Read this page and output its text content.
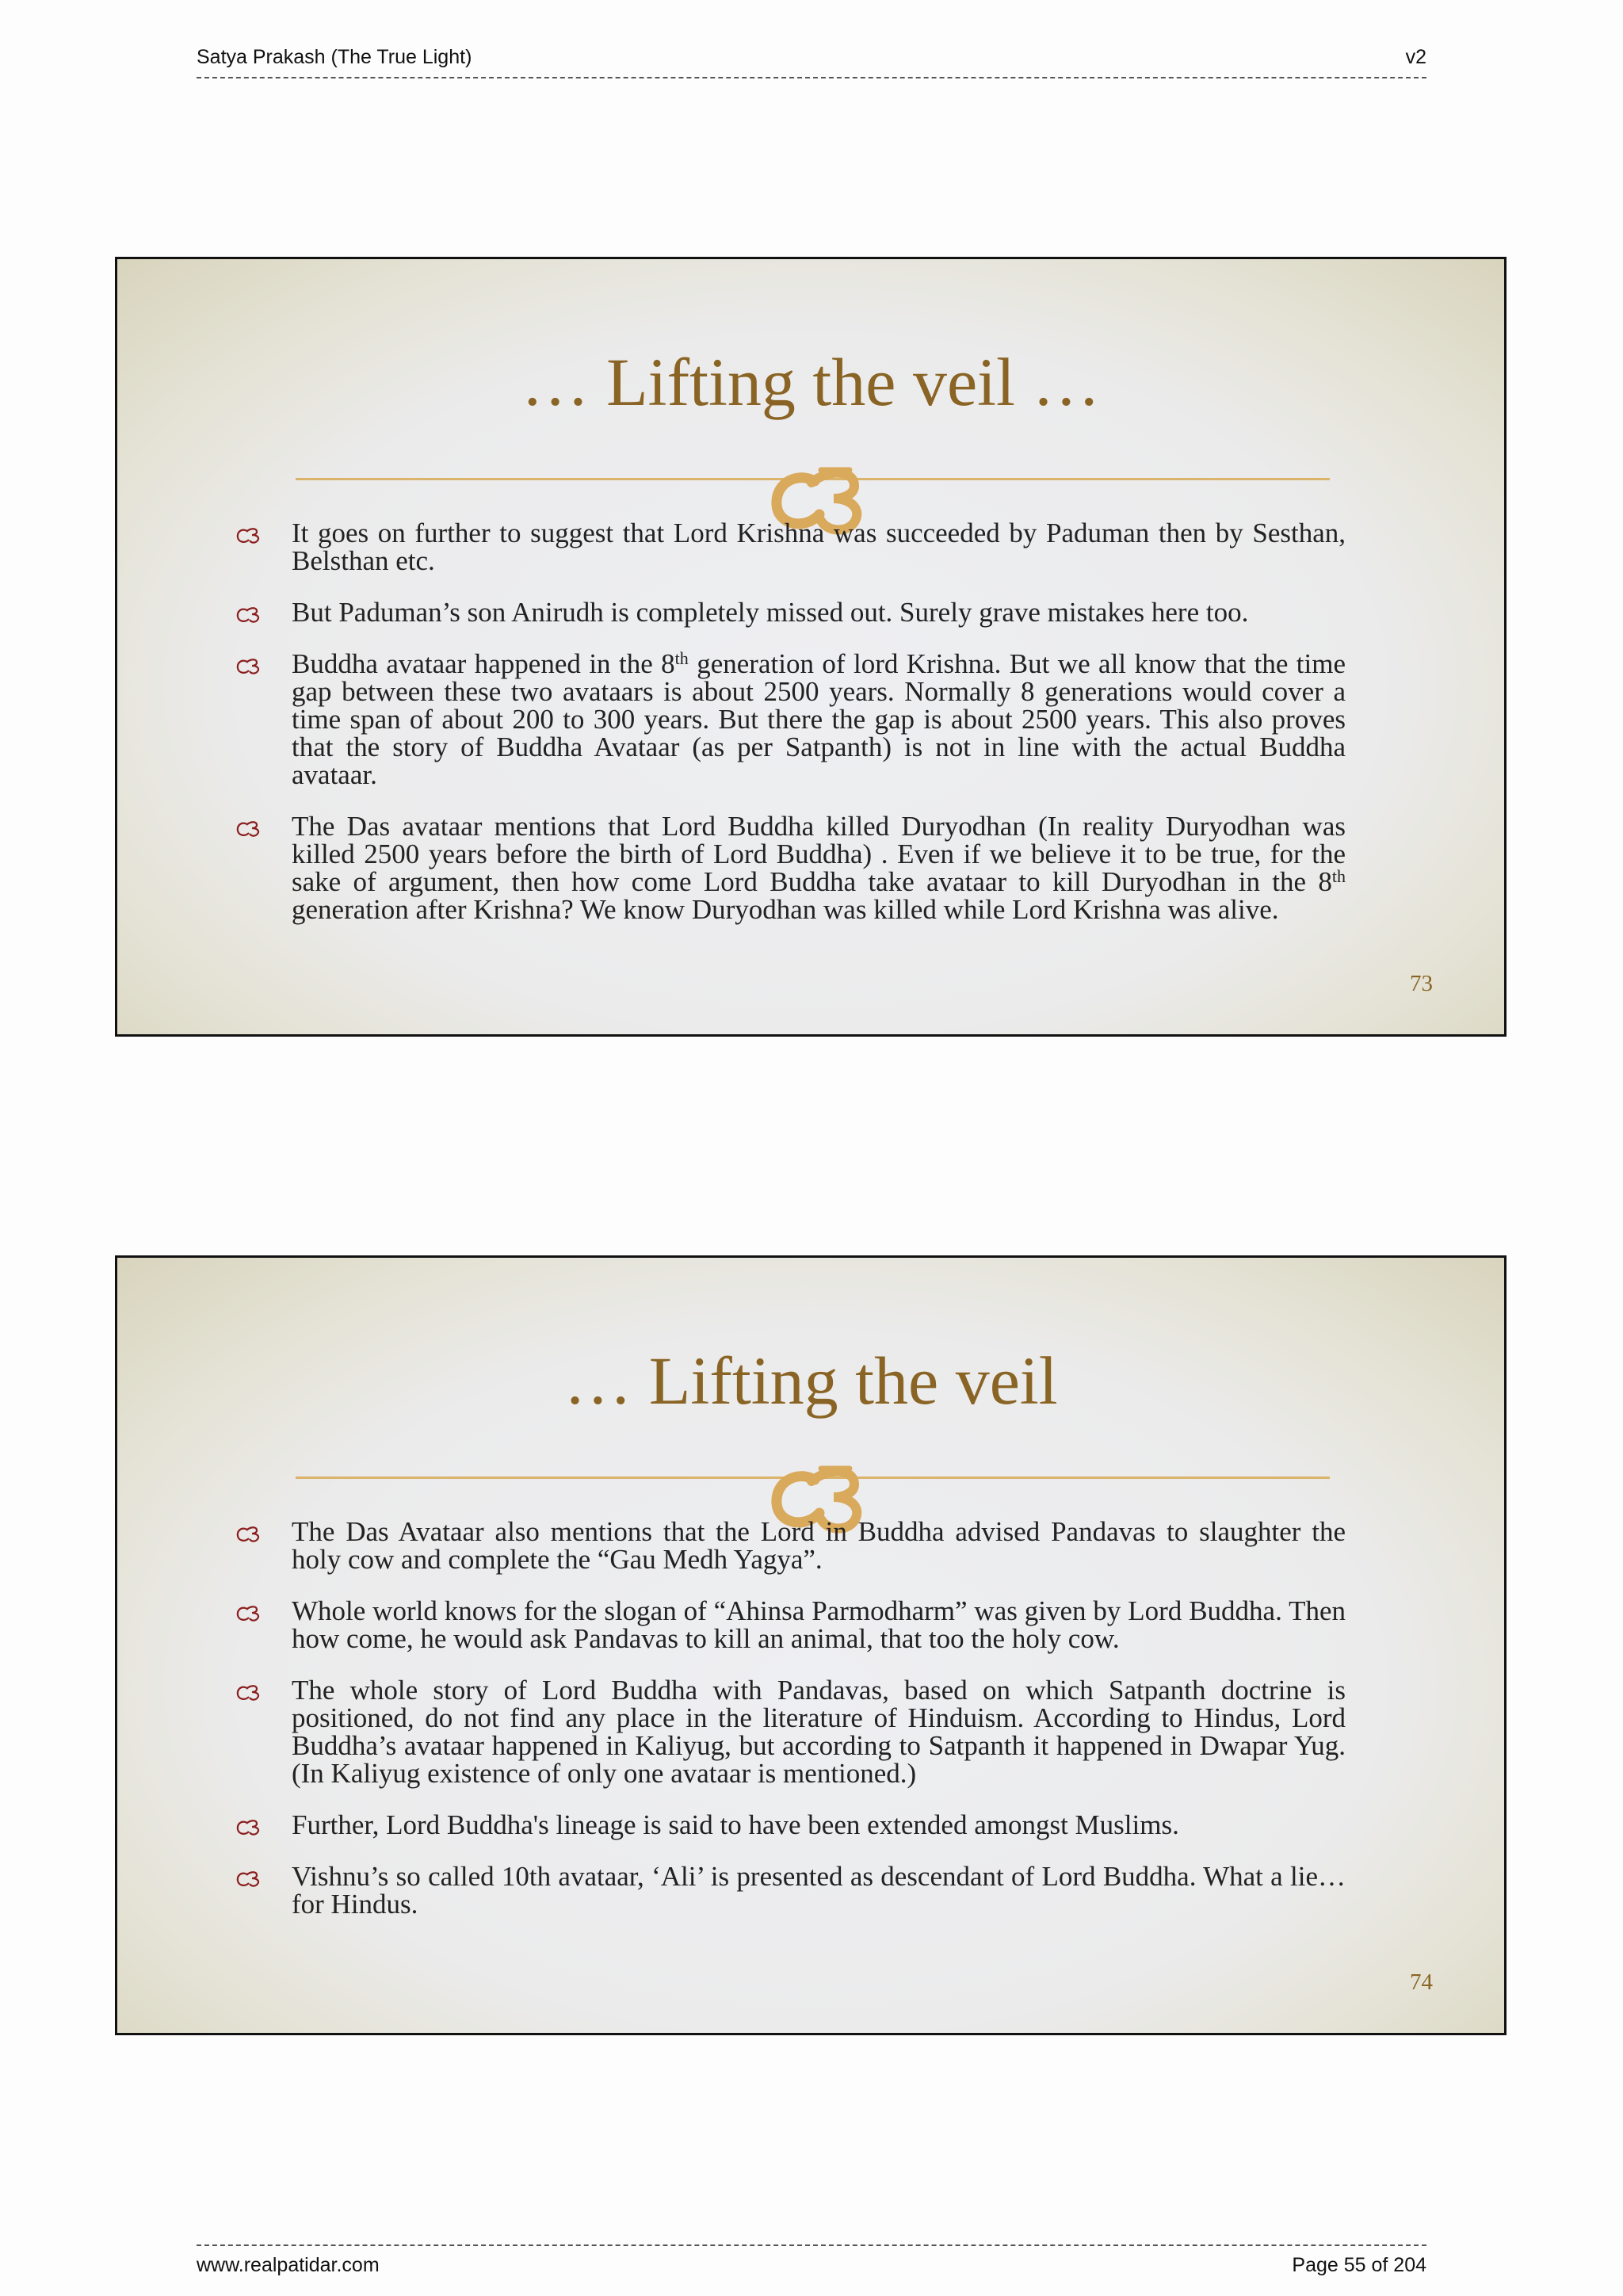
Satya Prakash (The True Light)	v2
… Lifting the veil …
It goes on further to suggest that Lord Krishna was succeeded by Paduman then by Sesthan, Belsthan etc.
But Paduman’s son Anirudh is completely missed out. Surely grave mistakes here too.
Buddha avataar happened in the 8th generation of lord Krishna. But we all know that the time gap between these two avataars is about 2500 years. Normally 8 generations would cover a time span of about 200 to 300 years. But there the gap is about 2500 years. This also proves that the story of Buddha Avataar (as per Satpanth) is not in line with the actual Buddha avataar.
The Das avataar mentions that Lord Buddha killed Duryodhan (In reality Duryodhan was killed 2500 years before the birth of Lord Buddha) . Even if we believe it to be true, for the sake of argument, then how come Lord Buddha take avataar to kill Duryodhan in the 8th generation after Krishna? We know Duryodhan was killed while Lord Krishna was alive.
73
… Lifting the veil
The Das Avataar also mentions that the Lord in Buddha advised Pandavas to slaughter the holy cow and complete the “Gau Medh Yagya”.
Whole world knows for the slogan of “Ahinsa Parmodharm” was given by Lord Buddha. Then how come, he would ask Pandavas to kill an animal, that too the holy cow.
The whole story of Lord Buddha with Pandavas, based on which Satpanth doctrine is positioned, do not find any place in the literature of Hinduism. According to Hindus, Lord Buddha’s avataar happened in Kaliyug, but according to Satpanth it happened in Dwapar Yug. (In Kaliyug existence of only one avataar is mentioned.)
Further, Lord Buddha's lineage is said to have been extended amongst Muslims.
Vishnu’s so called 10th avataar, ‘Ali’ is presented as descendant of Lord Buddha. What a lie… for Hindus.
74
www.realpatidar.com	Page 55 of 204
